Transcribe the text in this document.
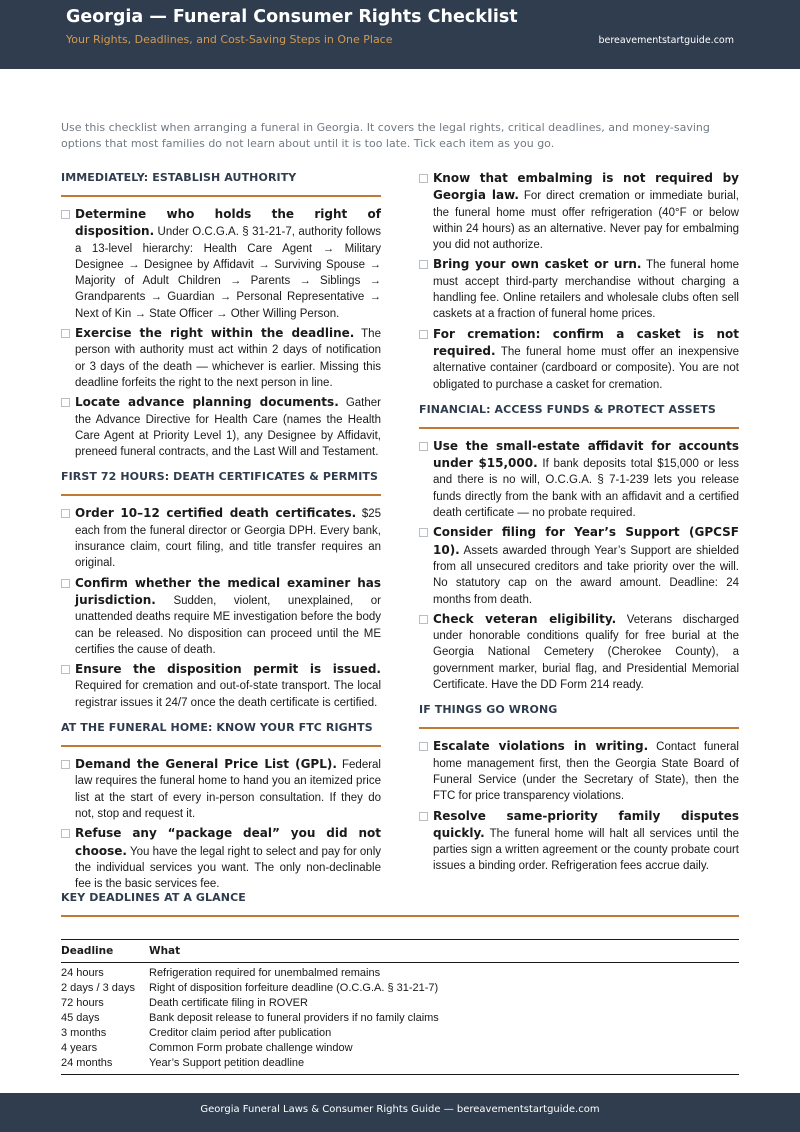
Georgia — Funeral Consumer Rights Checklist
Your Rights, Deadlines, and Cost-Saving Steps in One Place	bereavementstartguide.com

Use this checklist when arranging a funeral in Georgia. It covers the legal rights, critical deadlines, and money-saving options that most families do not learn about until it is too late. Tick each item as you go.

IMMEDIATELY: ESTABLISH AUTHORITY
Determine who holds the right of disposition. Under O.C.G.A. § 31-21-7, authority follows a 13-level hierarchy: Health Care Agent → Military Designee → Designee by Affidavit → Surviving Spouse → Majority of Adult Children → Parents → Siblings → Grandparents → Guardian → Personal Representative → Next of Kin → State Officer → Other Willing Person.
Exercise the right within the deadline. The person with authority must act within 2 days of notification or 3 days of the death — whichever is earlier. Missing this deadline forfeits the right to the next person in line.
Locate advance planning documents. Gather the Advance Directive for Health Care (names the Health Care Agent at Priority Level 1), any Designee by Affidavit, preneed funeral contracts, and the Last Will and Testament.
FIRST 72 HOURS: DEATH CERTIFICATES & PERMITS
Order 10–12 certified death certificates. $25 each from the funeral director or Georgia DPH. Every bank, insurance claim, court filing, and title transfer requires an original.
Confirm whether the medical examiner has jurisdiction. Sudden, violent, unexplained, or unattended deaths require ME investigation before the body can be released. No disposition can proceed until the ME certifies the cause of death.
Ensure the disposition permit is issued. Required for cremation and out-of-state transport. The local registrar issues it 24/7 once the death certificate is certified.
AT THE FUNERAL HOME: KNOW YOUR FTC RIGHTS
Demand the General Price List (GPL). Federal law requires the funeral home to hand you an itemized price list at the start of every in-person consultation. If they do not, stop and request it.
Refuse any “package deal” you did not choose. You have the legal right to select and pay for only the individual services you want. The only non-declinable fee is the basic services fee.
Know that embalming is not required by Georgia law. For direct cremation or immediate burial, the funeral home must offer refrigeration (40°F or below within 24 hours) as an alternative. Never pay for embalming you did not authorize.
Bring your own casket or urn. The funeral home must accept third-party merchandise without charging a handling fee. Online retailers and wholesale clubs often sell caskets at a fraction of funeral home prices.
For cremation: confirm a casket is not required. The funeral home must offer an inexpensive alternative container (cardboard or composite). You are not obligated to purchase a casket for cremation.
FINANCIAL: ACCESS FUNDS & PROTECT ASSETS
Use the small-estate affidavit for accounts under $15,000. If bank deposits total $15,000 or less and there is no will, O.C.G.A. § 7-1-239 lets you release funds directly from the bank with an affidavit and a certified death certificate — no probate required.
Consider filing for Year’s Support (GPCSF 10). Assets awarded through Year’s Support are shielded from all unsecured creditors and take priority over the will. No statutory cap on the award amount. Deadline: 24 months from death.
Check veteran eligibility. Veterans discharged under honorable conditions qualify for free burial at the Georgia National Cemetery (Cherokee County), a government marker, burial flag, and Presidential Memorial Certificate. Have the DD Form 214 ready.
IF THINGS GO WRONG
Escalate violations in writing. Contact funeral home management first, then the Georgia State Board of Funeral Service (under the Secretary of State), then the FTC for price transparency violations.
Resolve same-priority family disputes quickly. The funeral home will halt all services until the parties sign a written agreement or the county probate court issues a binding order. Refrigeration fees accrue daily.
KEY DEADLINES AT A GLANCE
Deadline	What
24 hours	Refrigeration required for unembalmed remains
2 days / 3 days	Right of disposition forfeiture deadline (O.C.G.A. § 31-21-7)
72 hours	Death certificate filing in ROVER
45 days	Bank deposit release to funeral providers if no family claims
3 months	Creditor claim period after publication
4 years	Common Form probate challenge window
24 months	Year’s Support petition deadline
Georgia Funeral Laws & Consumer Rights Guide — bereavementstartguide.com
